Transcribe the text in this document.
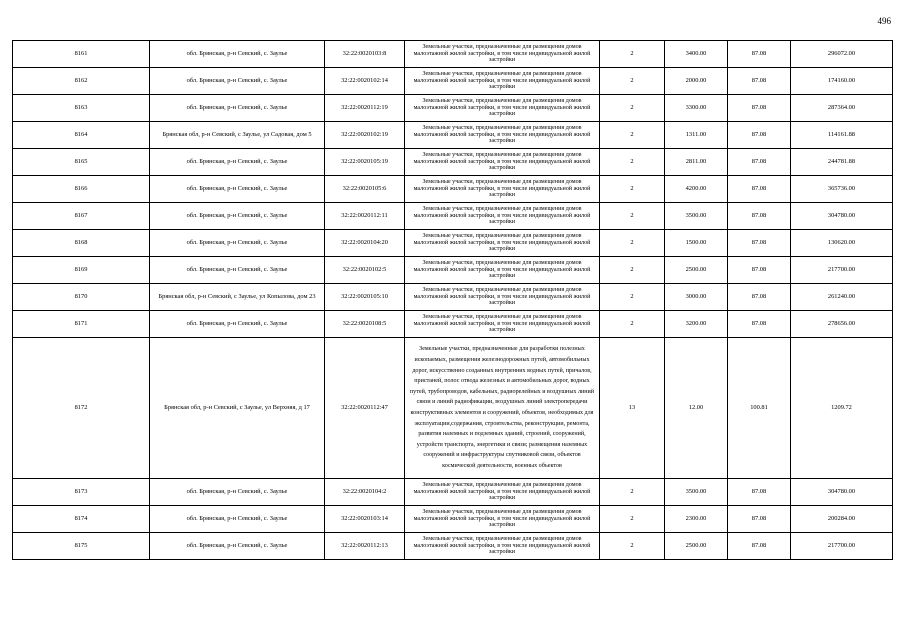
496
8161	обл. Брянская, р-н Севский, с. Заулье	32:22:0020103:8	Земельные участки, предназначенные для размещения домов малоэтажной жилой застройки, в том числе индивидуальной жилой застройки	2	3400.00	87.08	296072.00
8162	обл. Брянская, р-н Севский, с. Заулье	32:22:0020102:14	Земельные участки, предназначенные для размещения домов малоэтажной жилой застройки, в том числе индивидуальной жилой застройки	2	2000.00	87.08	174160.00
8163	обл. Брянская, р-н Севский, с. Заулье	32:22:0020112:19	Земельные участки, предназначенные для размещения домов малоэтажной жилой застройки, в том числе индивидуальной жилой застройки	2	3300.00	87.08	287364.00
8164	Брянская обл, р-н Севский, с Заулье, ул Садовая, дом 5	32:22:0020102:19	Земельные участки, предназначенные для размещения домов малоэтажной жилой застройки, в том числе индивидуальной жилой застройки	2	1311.00	87.08	114161.88
8165	обл. Брянская, р-н Севский, с. Заулье	32:22:0020105:19	Земельные участки, предназначенные для размещения домов малоэтажной жилой застройки, в том числе индивидуальной жилой застройки	2	2811.00	87.08	244781.88
8166	обл. Брянская, р-н Севский, с. Заулье	32:22:0020105:6	Земельные участки, предназначенные для размещения домов малоэтажной жилой застройки, в том числе индивидуальной жилой застройки	2	4200.00	87.08	365736.00
8167	обл. Брянская, р-н Севский, с. Заулье	32:22:0020112:11	Земельные участки, предназначенные для размещения домов малоэтажной жилой застройки, в том числе индивидуальной жилой застройки	2	3500.00	87.08	304780.00
8168	обл. Брянская, р-н Севский, с. Заулье	32:22:0020104:20	Земельные участки, предназначенные для размещения домов малоэтажной жилой застройки, в том числе индивидуальной жилой застройки	2	1500.00	87.08	130620.00
8169	обл. Брянская, р-н Севский, с. Заулье	32:22:0020102:5	Земельные участки, предназначенные для размещения домов малоэтажной жилой застройки, в том числе индивидуальной жилой застройки	2	2500.00	87.08	217700.00
8170	Брянская обл, р-н Севский, с Заулье, ул Копылова, дом 23	32:22:0020105:10	Земельные участки, предназначенные для размещения домов малоэтажной жилой застройки, в том числе индивидуальной жилой застройки	2	3000.00	87.08	261240.00
8171	обл. Брянская, р-н Севский, с. Заулье	32:22:0020108:5	Земельные участки, предназначенные для размещения домов малоэтажной жилой застройки, в том числе индивидуальной жилой застройки	2	3200.00	87.08	278656.00
8172	Брянская обл, р-н Севский, с Заулье, ул Верхняя, д 17	32:22:0020112:47	Земельные участки, предназначенные для разработки полезных ископаемых, размещения железнодорожных путей, автомобильных дорог, искусственно созданных внутренних водных путей, причалов, пристаней, полос отвода железных и автомобильных дорог, водных путей, трубопроводов, кабельных, радиорелейных и воздушных линий связи и линий радиофикации, воздушных линий электропередачи конструктивных элементов и сооружений, объектов, необходимых для эксплуатации,содержания, строительства, реконструкции, ремонта, развития наземных и подземных зданий, строений, сооружений, устройств транспорта, энергетики и связи; размещения наземных сооружений и инфраструктуры спутниковой связи, объектов космической деятельности, военных объектов	13	12.00	100.81	1209.72
8173	обл. Брянская, р-н Севский, с. Заулье	32:22:0020104:2	Земельные участки, предназначенные для размещения домов малоэтажной жилой застройки, в том числе индивидуальной жилой застройки	2	3500.00	87.08	304780.00
8174	обл. Брянская, р-н Севский, с. Заулье	32:22:0020103:14	Земельные участки, предназначенные для размещения домов малоэтажной жилой застройки, в том числе индивидуальной жилой застройки	2	2300.00	87.08	200284.00
8175	обл. Брянская, р-н Севский, с. Заулье	32:22:0020112:13	Земельные участки, предназначенные для размещения домов малоэтажной жилой застройки, в том числе индивидуальной жилой застройки	2	2500.00	87.08	217700.00
